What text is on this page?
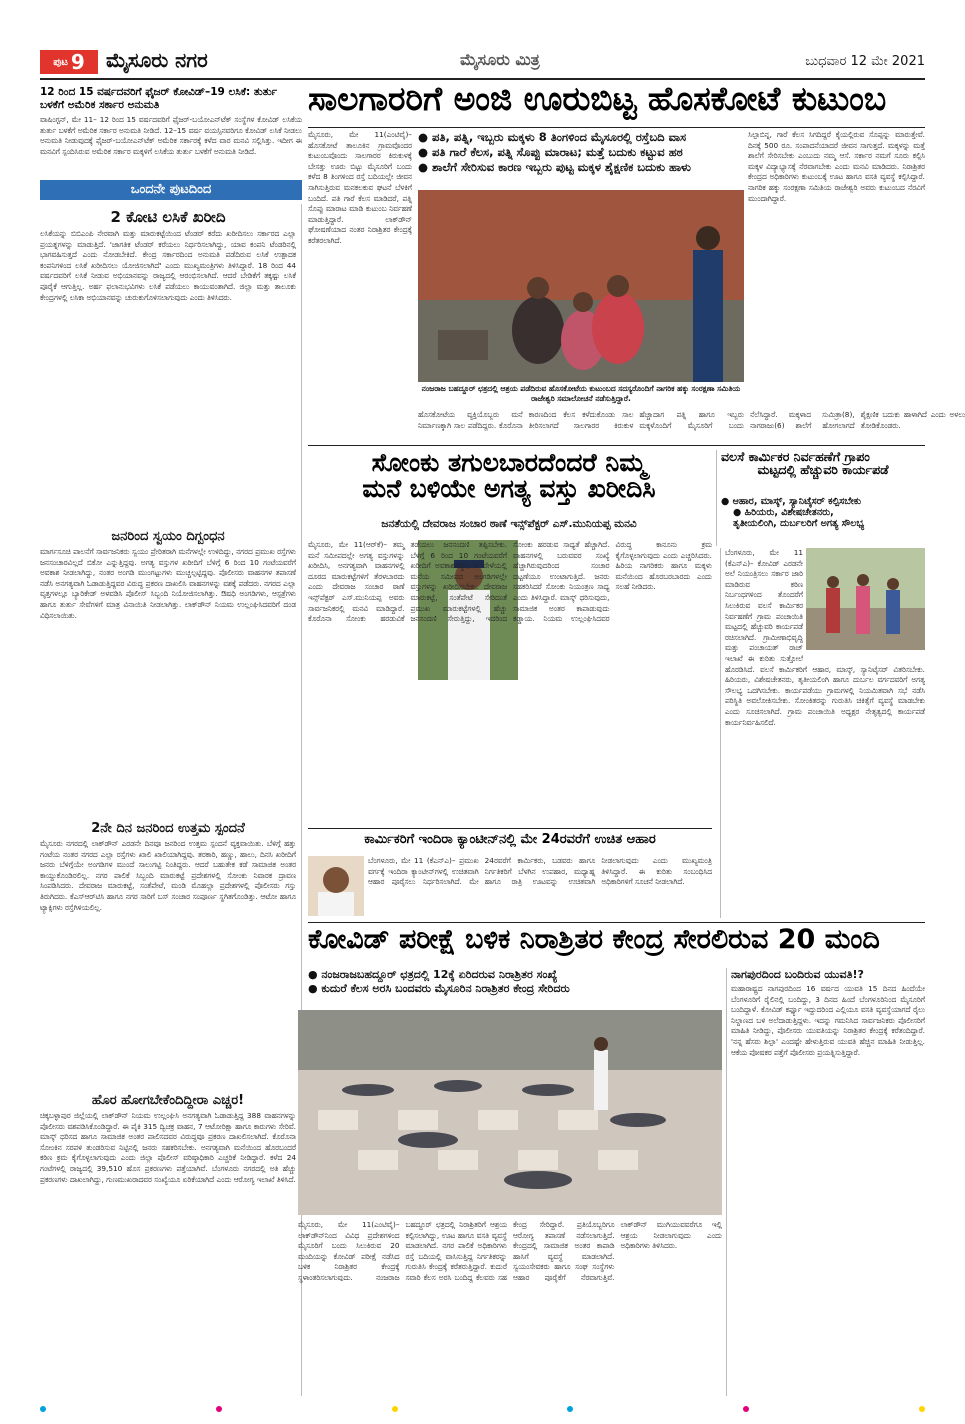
ಪುಟ 9 ಮೈಸೂರು ನಗರ	ಮೈಸೂರು ಮಿತ್ರ	ಬುಧವಾರ 12 ಮೇ 2021
12 ರಿಂದ 15 ವರ್ಷದವರಿಗೆ ಫೈಜರ್ ಕೋವಿಡ್–19 ಲಸಿಕೆ: ತುರ್ತು ಬಳಕೆಗೆ ಅಮೆರಿಕ ಸರ್ಕಾರ ಅನುಮತಿ
ವಾಷಿಂಗ್ಟನ್, ಮೇ 11– 12 ರಿಂದ 15 ವರ್ಷದವರಿಗೆ ಫೈಜರ್-ಬಯೋಎನ್‌ಟೆಕ್ ಸಂಸ್ಥೆಗಳ ಕೋವಿಡ್ ಲಸಿಕೆಯ ತುರ್ತು ಬಳಕೆಗೆ ಅಮೆರಿಕ ಸರ್ಕಾರ ಅನುಮತಿ ನೀಡಿದೆ. 12–15 ವರ್ಷ ವಯಸ್ಸಿನವರಿಗೂ ಕೋವಿಡ್ ಲಸಿಕೆ ನೀಡಲು ಅನುಮತಿ ನೀಡುವುದಕ್ಕೆ ಫೈಜರ್-ಬಯೋಎನ್‌ಟೆಕ್ ಅಮೆರಿಕ ಸರ್ಕಾರಕ್ಕೆ ಕಳೆದ ವಾರ ಮನವಿ ಸಲ್ಲಿಸಿತ್ತು. ಇದೀಗ ಈ ಮನವಿಗೆ ಸ್ಪಂದಿಸಿರುವ ಅಮೆರಿಕ ಸರ್ಕಾರ ಮಕ್ಕಳಿಗೆ ಲಸಿಕೆಯ ತುರ್ತು ಬಳಕೆಗೆ ಅನುಮತಿ ನೀಡಿದೆ.
ಒಂದನೇ ಪುಟದಿಂದ
2 ಕೋಟಿ ಲಸಿಕೆ ಖರೀದಿ
ಲಸಿಕೆಯನ್ನು ಬಿಬಿಎಂಪಿ ನೇರವಾಗಿ ಮತ್ತು ಮಾರುಕಟ್ಟೆಯಿಂದ ಟೆಂಡರ್ ಕರೆದು ಖರೀದಿಸಲು ಸರ್ಕಾರದ ಎಲ್ಲಾ ಪ್ರಯತ್ನಗಳನ್ನು ಮಾಡುತ್ತಿದೆ. 'ಜಾಗತಿಕ ಟೆಂಡರ್ ಕರೆಯಲು ನಿರ್ಧರಿಸಲಾಗಿದ್ದು, ಯಾವ ಕಂಪನಿ ಟೆಂಡರಿನಲ್ಲಿ ಭಾಗವಹಿಸುತ್ತದೆ ಎಂದು ನೋಡಬೇಕಿದೆ. ಕೇಂದ್ರ ಸರ್ಕಾರದಿಂದ ಅನುಮತಿ ಪಡೆದಿರುವ ಲಸಿಕೆ ಉತ್ಪಾದಕ ಕಂಪನಿಗಳಿಂದ ಲಸಿಕೆ ಖರೀದಿಸಲು ಯೋಜಿಸಲಾಗಿದೆ' ಎಂದು ಮುಖ್ಯಮಂತ್ರಿಗಳು ತಿಳಿಸಿದ್ದಾರೆ. 18 ರಿಂದ 44 ವರ್ಷದವರಿಗೆ ಲಸಿಕೆ ನೀಡುವ ಅಭಿಯಾನವನ್ನು ರಾಜ್ಯದಲ್ಲಿ ಆರಂಭಿಸಲಾಗಿದೆ. ಆದರೆ ಬೇಡಿಕೆಗೆ ತಕ್ಕಷ್ಟು ಲಸಿಕೆ ಪೂರೈಕೆ ಆಗುತ್ತಿಲ್ಲ. ಅರ್ಹ ಫಲಾನುಭವಿಗಳು ಲಸಿಕೆ ಪಡೆಯಲು ಕಾಯುವಂತಾಗಿದೆ. ಜಿಲ್ಲಾ ಮತ್ತು ತಾಲೂಕು ಕೇಂದ್ರಗಳಲ್ಲಿ ಲಸಿಕಾ ಅಭಿಯಾನವನ್ನು ಚುರುಕುಗೊಳಿಸಲಾಗುವುದು ಎಂದು ತಿಳಿಸಿದರು.
ಜನರಿಂದ ಸ್ವಯಂ ದಿಗ್ಬಂಧನ
ಮಾರ್ಗಸೂಚಿ ಪಾಲನೆಗೆ ಸಾರ್ವಜನಿಕರು ಸ್ವಯಂ ಪ್ರೇರಿತರಾಗಿ ಮನೆಗಳಲ್ಲೇ ಉಳಿದಿದ್ದು, ನಗರದ ಪ್ರಮುಖ ರಸ್ತೆಗಳು ಜನಸಂಚಾರವಿಲ್ಲದೆ ಬಿಕೋ ಎನ್ನುತ್ತಿದ್ದವು. ಅಗತ್ಯ ವಸ್ತುಗಳ ಖರೀದಿಗೆ ಬೆಳಿಗ್ಗೆ 6 ರಿಂದ 10 ಗಂಟೆಯವರೆಗೆ ಅವಕಾಶ ನೀಡಲಾಗಿದ್ದು, ನಂತರ ಅಂಗಡಿ ಮುಂಗಟ್ಟುಗಳು ಮುಚ್ಚಲ್ಪಟ್ಟಿದ್ದವು. ಪೊಲೀಸರು ವಾಹನಗಳ ತಪಾಸಣೆ ನಡೆಸಿ ಅನಗತ್ಯವಾಗಿ ಓಡಾಡುತ್ತಿದ್ದವರ ವಿರುದ್ಧ ಪ್ರಕರಣ ದಾಖಲಿಸಿ ವಾಹನಗಳನ್ನು ವಶಕ್ಕೆ ಪಡೆದರು. ನಗರದ ಎಲ್ಲಾ ವೃತ್ತಗಳಲ್ಲೂ ಬ್ಯಾರಿಕೇಡ್ ಅಳವಡಿಸಿ ಪೊಲೀಸ್ ಸಿಬ್ಬಂದಿ ನಿಯೋಜಿಸಲಾಗಿತ್ತು. ಔಷಧಿ ಅಂಗಡಿಗಳು, ಆಸ್ಪತ್ರೆಗಳು ಹಾಗೂ ತುರ್ತು ಸೇವೆಗಳಿಗೆ ಮಾತ್ರ ವಿನಾಯಿತಿ ನೀಡಲಾಗಿತ್ತು. ಲಾಕ್‌ಡೌನ್ ನಿಯಮ ಉಲ್ಲಂಘಿಸಿದವರಿಗೆ ದಂಡ ವಿಧಿಸಲಾಯಿತು.
2ನೇ ದಿನ ಜನರಿಂದ ಉತ್ತಮ ಸ್ಪಂದನೆ
ಮೈಸೂರು ನಗರದಲ್ಲಿ ಲಾಕ್‌ಡೌನ್ ಎರಡನೇ ದಿನವೂ ಜನರಿಂದ ಉತ್ತಮ ಸ್ಪಂದನೆ ವ್ಯಕ್ತವಾಯಿತು. ಬೆಳಿಗ್ಗೆ ಹತ್ತು ಗಂಟೆಯ ನಂತರ ನಗರದ ಎಲ್ಲಾ ರಸ್ತೆಗಳು ಖಾಲಿ ಖಾಲಿಯಾಗಿದ್ದವು. ತರಕಾರಿ, ಹಣ್ಣು, ಹಾಲು, ದಿನಸಿ ಖರೀದಿಗೆ ಜನರು ಬೆಳಿಗ್ಗೆಯೇ ಅಂಗಡಿಗಳ ಮುಂದೆ ಸಾಲುಗಟ್ಟಿ ನಿಂತಿದ್ದರು. ಆದರೆ ಬಹುತೇಕ ಕಡೆ ಸಾಮಾಜಿಕ ಅಂತರ ಕಾಯ್ದುಕೊಂಡಿರಲಿಲ್ಲ. ನಗರ ಪಾಲಿಕೆ ಸಿಬ್ಬಂದಿ ಮಾರುಕಟ್ಟೆ ಪ್ರದೇಶಗಳಲ್ಲಿ ಸೋಂಕು ನಿವಾರಕ ದ್ರಾವಣ ಸಿಂಪಡಿಸಿದರು. ದೇವರಾಜ ಮಾರುಕಟ್ಟೆ, ಸಂತೆಪೇಟೆ, ಮಂಡಿ ಮೊಹಲ್ಲಾ ಪ್ರದೇಶಗಳಲ್ಲಿ ಪೊಲೀಸರು ಗಸ್ತು ತಿರುಗಿದರು. ಕೆಎಸ್‌ಆರ್‌ಟಿಸಿ ಹಾಗೂ ನಗರ ಸಾರಿಗೆ ಬಸ್ ಸಂಚಾರ ಸಂಪೂರ್ಣ ಸ್ಥಗಿತಗೊಂಡಿತ್ತು. ಆಟೋ ಹಾಗೂ ಟ್ಯಾಕ್ಸಿಗಳು ರಸ್ತೆಗಿಳಿಯಲಿಲ್ಲ.
ಹೊರ ಹೋಗಬೇಕೆಂದಿದ್ದೀರಾ ಎಚ್ಚರ!
ಚಿಕ್ಕಬಳ್ಳಾಪುರ ಜಿಲ್ಲೆಯಲ್ಲಿ ಲಾಕ್‌ಡೌನ್ ನಿಯಮ ಉಲ್ಲಂಘಿಸಿ ಅನಗತ್ಯವಾಗಿ ಓಡಾಡುತ್ತಿದ್ದ 388 ವಾಹನಗಳನ್ನು ಪೊಲೀಸರು ವಶಪಡಿಸಿಕೊಂಡಿದ್ದಾರೆ. ಈ ಪೈಕಿ 315 ದ್ವಿಚಕ್ರ ವಾಹನ, 7 ಆಟೋರಿಕ್ಷಾ ಹಾಗೂ ಕಾರುಗಳು ಸೇರಿವೆ. ಮಾಸ್ಕ್ ಧರಿಸದ ಹಾಗೂ ಸಾಮಾಜಿಕ ಅಂತರ ಪಾಲಿಸದವರ ವಿರುದ್ಧವೂ ಪ್ರಕರಣ ದಾಖಲಿಸಲಾಗಿದೆ. ಕೊರೊನಾ ಸೋಂಕಿನ ಸರಪಳಿ ತುಂಡರಿಸುವ ನಿಟ್ಟಿನಲ್ಲಿ ಜನರು ಸಹಕರಿಸಬೇಕು. ಅನಗತ್ಯವಾಗಿ ಮನೆಯಿಂದ ಹೊರಬಂದರೆ ಕಠಿಣ ಕ್ರಮ ಕೈಗೊಳ್ಳಲಾಗುವುದು ಎಂದು ಜಿಲ್ಲಾ ಪೊಲೀಸ್ ವರಿಷ್ಠಾಧಿಕಾರಿ ಎಚ್ಚರಿಕೆ ನೀಡಿದ್ದಾರೆ. ಕಳೆದ 24 ಗಂಟೆಗಳಲ್ಲಿ ರಾಜ್ಯದಲ್ಲಿ 39,510 ಹೊಸ ಪ್ರಕರಣಗಳು ಪತ್ತೆಯಾಗಿವೆ. ಬೆಂಗಳೂರು ನಗರದಲ್ಲಿ ಅತಿ ಹೆಚ್ಚು ಪ್ರಕರಣಗಳು ದಾಖಲಾಗಿದ್ದು, ಗುಣಮುಖರಾದವರ ಸಂಖ್ಯೆಯೂ ಏರಿಕೆಯಾಗಿದೆ ಎಂದು ಆರೋಗ್ಯ ಇಲಾಖೆ ತಿಳಿಸಿದೆ.
ಸಾಲಗಾರರಿಗೆ ಅಂಜಿ ಊರುಬಿಟ್ಟ ಹೊಸಕೋಟೆ ಕುಟುಂಬ
ಮೈಸೂರು, ಮೇ 11(ಎಂಟಿವೈ)– ಹೊಸಕೋಟೆ ತಾಲೂಕಿನ ಗ್ರಾಮವೊಂದರ ಕುಟುಂಬವೊಂದು ಸಾಲಗಾರರ ಕಿರುಕುಳಕ್ಕೆ ಬೇಸತ್ತು ಊರು ಬಿಟ್ಟು ಮೈಸೂರಿಗೆ ಬಂದು ಕಳೆದ 8 ತಿಂಗಳಿಂದ ರಸ್ತೆ ಬದಿಯಲ್ಲೇ ಜೀವನ ಸಾಗಿಸುತ್ತಿರುವ ಮನಕಲಕುವ ಘಟನೆ ಬೆಳಕಿಗೆ ಬಂದಿದೆ. ಪತಿ ಗಾರೆ ಕೆಲಸ ಮಾಡಿದರೆ, ಪತ್ನಿ ಸೊಪ್ಪು ಮಾರಾಟ ಮಾಡಿ ಕುಟುಂಬ ನಿರ್ವಹಣೆ ಮಾಡುತ್ತಿದ್ದಾರೆ. ಲಾಕ್‌ಡೌನ್ ಘೋಷಣೆಯಾದ ನಂತರ ನಿರಾಶ್ರಿತರ ಕೇಂದ್ರಕ್ಕೆ ಕರೆತರಲಾಗಿದೆ.
● ಪತಿ, ಪತ್ನಿ, ಇಬ್ಬರು ಮಕ್ಕಳು 8 ತಿಂಗಳಿಂದ ಮೈಸೂರಲ್ಲಿ ರಸ್ತೆಬದಿ ವಾಸ
● ಪತಿ ಗಾರೆ ಕೆಲಸ, ಪತ್ನಿ ಸೊಪ್ಪು ಮಾರಾಟ; ಮತ್ತೆ ಬದುಕು ಕಟ್ಟುವ ಹಠ
● ಶಾಲೆಗೆ ಸೇರಿಸುವ ಕಾರಣ ಇಬ್ಬರು ಪುಟ್ಟ ಮಕ್ಕಳ ಶೈಕ್ಷಣಿಕ ಬದುಕು ಹಾಳು
ಸಿಲ್ಪಾಬಿನ್ನ, ಗಾರೆ ಕೆಲಸ ಸಿಗದಿದ್ದರೆ ಕೈಯಲ್ಲಿರುವ ಸೊಪ್ಪನ್ನು ಮಾರುತ್ತೇವೆ. ದಿನಕ್ಕೆ 500 ರೂ. ಸಂಪಾದನೆಯಾದರೆ ಜೀವನ ಸಾಗುತ್ತದೆ. ಮಕ್ಕಳನ್ನು ಮತ್ತೆ ಶಾಲೆಗೆ ಸೇರಿಸಬೇಕು ಎಂಬುದು ನಮ್ಮ ಆಸೆ. ಸರ್ಕಾರ ನಮಗೆ ಸೂರು ಕಲ್ಪಿಸಿ ಮಕ್ಕಳ ವಿದ್ಯಾಭ್ಯಾಸಕ್ಕೆ ನೆರವಾಗಬೇಕು ಎಂದು ಮನವಿ ಮಾಡಿದರು. ನಿರಾಶ್ರಿತರ ಕೇಂದ್ರದ ಅಧಿಕಾರಿಗಳು ಕುಟುಂಬಕ್ಕೆ ಊಟ ಹಾಗೂ ವಸತಿ ವ್ಯವಸ್ಥೆ ಕಲ್ಪಿಸಿದ್ದಾರೆ. ನಾಗರಿಕ ಹಕ್ಕು ಸಂರಕ್ಷಣಾ ಸಮಿತಿಯ ರಾಜೇಶ್ವರಿ ಅವರು ಕುಟುಂಬದ ನೆರವಿಗೆ ಮುಂದಾಗಿದ್ದಾರೆ.
ನಂಜರಾಜ ಬಹದ್ದೂರ್ ಛತ್ರದಲ್ಲಿ ಆಶ್ರಯ ಪಡೆದಿರುವ ಹೊಸಕೋಟೆಯ ಕುಟುಂಬದ ಸದಸ್ಯರೊಂದಿಗೆ ನಾಗರಿಕ ಹಕ್ಕು ಸಂರಕ್ಷಣಾ ಸಮಿತಿಯ ರಾಜೇಶ್ವರಿ ಸಮಾಲೋಚನೆ ನಡೆಸುತ್ತಿದ್ದಾರೆ.
ಹೊಸಕೋಟೆಯ ವ್ಯಕ್ತಿಯೊಬ್ಬರು ಮನೆ ನಿರ್ಮಾಣಕ್ಕಾಗಿ ಸಾಲ ಪಡೆದಿದ್ದರು. ಕೊರೊನಾ ಕಾರಣದಿಂದ ಕೆಲಸ ಕಳೆದುಕೊಂಡು ಸಾಲ ತೀರಿಸಲಾಗದೆ ಸಾಲಗಾರರ ಕಿರುಕುಳ ಹೆಚ್ಚಾದಾಗ ಪತ್ನಿ ಹಾಗೂ ಇಬ್ಬರು ಮಕ್ಕಳೊಂದಿಗೆ ಮೈಸೂರಿಗೆ ಬಂದು ನೆಲೆಸಿದ್ದಾರೆ. ಮಕ್ಕಳಾದ ಸುಮಿತ್ರಾ(8), ನಾಗರಾಜು(6) ಶಾಲೆಗೆ ಹೋಗಲಾಗದೆ ಶೈಕ್ಷಣಿಕ ಬದುಕು ಹಾಳಾಗಿದೆ ಎಂದು ಅಳಲು ತೋಡಿಕೊಂಡರು.
ಸೋಂಕು ತಗುಲಬಾರದೆಂದರೆ ನಿಮ್ಮ
ಮನೆ ಬಳಿಯೇ ಅಗತ್ಯ ವಸ್ತು ಖರೀದಿಸಿ
ಜನತೆಯಲ್ಲಿ ದೇವರಾಜ ಸಂಚಾರ ಠಾಣೆ ಇನ್ಸ್‌ಪೆಕ್ಟರ್ ಎಸ್.ಮುನಿಯಪ್ಪ ಮನವಿ
ಮೈಸೂರು, ಮೇ 11(ಆರ್‌ಕೆ)– ತಮ್ಮ ಮನೆ ಸಮೀಪದಲ್ಲೇ ಅಗತ್ಯ ವಸ್ತುಗಳನ್ನು ಖರೀದಿಸಿ, ಅನಗತ್ಯವಾಗಿ ವಾಹನಗಳಲ್ಲಿ ದೂರದ ಮಾರುಕಟ್ಟೆಗಳಿಗೆ ತೆರಳಬಾರದು ಎಂದು ದೇವರಾಜ ಸಂಚಾರ ಠಾಣೆ ಇನ್ಸ್‌ಪೆಕ್ಟರ್ ಎಸ್.ಮುನಿಯಪ್ಪ ಅವರು ಸಾರ್ವಜನಿಕರಲ್ಲಿ ಮನವಿ ಮಾಡಿದ್ದಾರೆ. ಕೊರೊನಾ ಸೋಂಕು ಹರಡುವಿಕೆ ತಡೆಯಲು ಜನಸಂದಣಿ ತಪ್ಪಿಸಬೇಕು. ಬೆಳಿಗ್ಗೆ 6 ರಿಂದ 10 ಗಂಟೆಯವರೆಗೆ ಖರೀದಿಗೆ ಅವಕಾಶವಿದ್ದು, ಆ ವೇಳೆಯಲ್ಲಿ ಮನೆಯ ಸಮೀಪದ ಅಂಗಡಿಗಳಲ್ಲೇ ವಸ್ತುಗಳನ್ನು ಖರೀದಿಸಬೇಕು. ದೇವರಾಜ ಮಾರುಕಟ್ಟೆ, ಸಂತೆಪೇಟೆ ಸೇರಿದಂತೆ ಪ್ರಮುಖ ಮಾರುಕಟ್ಟೆಗಳಲ್ಲಿ ಹೆಚ್ಚು ಜನಸಂದಣಿ ಸೇರುತ್ತಿದ್ದು, ಇದರಿಂದ ಸೋಂಕು ಹರಡುವ ಸಾಧ್ಯತೆ ಹೆಚ್ಚಾಗಿದೆ. ವಾಹನಗಳಲ್ಲಿ ಬರುವವರ ಸಂಖ್ಯೆ ಹೆಚ್ಚಾಗಿರುವುದರಿಂದ ಸಂಚಾರ ದಟ್ಟಣೆಯೂ ಉಂಟಾಗುತ್ತಿದೆ. ಜನರು ಸಹಕರಿಸಿದರೆ ಸೋಂಕು ನಿಯಂತ್ರಣ ಸಾಧ್ಯ ಎಂದು ತಿಳಿಸಿದ್ದಾರೆ. ಮಾಸ್ಕ್ ಧರಿಸುವುದು, ಸಾಮಾಜಿಕ ಅಂತರ ಕಾಪಾಡುವುದು ಕಡ್ಡಾಯ. ನಿಯಮ ಉಲ್ಲಂಘಿಸಿದವರ ವಿರುದ್ಧ ಕಾನೂನು ಕ್ರಮ ಕೈಗೊಳ್ಳಲಾಗುವುದು ಎಂದು ಎಚ್ಚರಿಸಿದರು. ಹಿರಿಯ ನಾಗರಿಕರು ಹಾಗೂ ಮಕ್ಕಳು ಮನೆಯಿಂದ ಹೊರಬರಬಾರದು ಎಂದು ಸಲಹೆ ನೀಡಿದರು.
ಕಾರ್ಮಿಕರಿಗೆ ಇಂದಿರಾ ಕ್ಯಾಂಟೀನ್‌ನಲ್ಲಿ ಮೇ 24ರವರೆಗೆ ಉಚಿತ ಆಹಾರ
ಬೆಂಗಳೂರು, ಮೇ 11 (ಕೆಎನ್‌ಎ)– ಪ್ರಮುಖ ವರ್ಗಕ್ಕೆ ಇಂದಿರಾ ಕ್ಯಾಂಟೀನ್‌ಗಳಲ್ಲಿ ಉಚಿತವಾಗಿ ಆಹಾರ ಪೂರೈಸಲು ನಿರ್ಧರಿಸಲಾಗಿದೆ. ಮೇ 24ರವರೆಗೆ ಕಾರ್ಮಿಕರು, ಬಡವರು ಹಾಗೂ ನಿರ್ಗತಿಕರಿಗೆ ಬೆಳಗಿನ ಉಪಹಾರ, ಮಧ್ಯಾಹ್ನ ಹಾಗೂ ರಾತ್ರಿ ಊಟವನ್ನು ಉಚಿತವಾಗಿ ನೀಡಲಾಗುವುದು ಎಂದು ಮುಖ್ಯಮಂತ್ರಿ ತಿಳಿಸಿದ್ದಾರೆ. ಈ ಕುರಿತು ಸಂಬಂಧಿಸಿದ ಅಧಿಕಾರಿಗಳಿಗೆ ಸೂಚನೆ ನೀಡಲಾಗಿದೆ.
ವಲಸೆ ಕಾರ್ಮಿಕರ ನಿರ್ವಹಣೆಗೆ ಗ್ರಾಪಂ
ಮಟ್ಟದಲ್ಲಿ ಹೆಚ್ಚುವರಿ ಕಾರ್ಯಪಡೆ
● ಆಹಾರ, ಮಾಸ್ಕ್, ಸ್ಯಾನಿಟೈಸರ್ ಕಲ್ಪಿಸಬೇಕು
● ಹಿರಿಯರು, ವಿಶೇಷಚೇತನರು,
ತೃತೀಯಲಿಂಗಿ, ದುರ್ಬಲರಿಗೆ ಅಗತ್ಯ ಸೌಲಭ್ಯ
ಬೆಂಗಳೂರು, ಮೇ 11 (ಕೆಎನ್‌ಎ)– ಕೋವಿಡ್ ಎರಡನೇ ಅಲೆ ನಿಯಂತ್ರಿಸಲು ಸರ್ಕಾರ ಜಾರಿ ಮಾಡಿರುವ ಕಠಿಣ ನಿರ್ಬಂಧಗಳಿಂದ ತೊಂದರೆಗೆ ಸಿಲುಕಿರುವ ವಲಸೆ ಕಾರ್ಮಿಕರ ನಿರ್ವಹಣೆಗೆ ಗ್ರಾಮ ಪಂಚಾಯಿತಿ ಮಟ್ಟದಲ್ಲಿ ಹೆಚ್ಚುವರಿ ಕಾರ್ಯಪಡೆ ರಚಿಸಲಾಗಿದೆ. ಗ್ರಾಮೀಣಾಭಿವೃದ್ಧಿ ಮತ್ತು ಪಂಚಾಯತ್ ರಾಜ್ ಇಲಾಖೆ ಈ ಕುರಿತು ಸುತ್ತೋಲೆ ಹೊರಡಿಸಿದೆ. ವಲಸೆ ಕಾರ್ಮಿಕರಿಗೆ ಆಹಾರ, ಮಾಸ್ಕ್, ಸ್ಯಾನಿಟೈಸರ್ ವಿತರಿಸಬೇಕು. ಹಿರಿಯರು, ವಿಶೇಷಚೇತನರು, ತೃತೀಯಲಿಂಗಿ ಹಾಗೂ ದುರ್ಬಲ ವರ್ಗದವರಿಗೆ ಅಗತ್ಯ ಸೌಲಭ್ಯ ಒದಗಿಸಬೇಕು. ಕಾರ್ಯಪಡೆಯು ಗ್ರಾಮಗಳಲ್ಲಿ ನಿಯಮಿತವಾಗಿ ಸಭೆ ನಡೆಸಿ ಪರಿಸ್ಥಿತಿ ಅವಲೋಕಿಸಬೇಕು. ಸೋಂಕಿತರನ್ನು ಗುರುತಿಸಿ ಚಿಕಿತ್ಸೆಗೆ ವ್ಯವಸ್ಥೆ ಮಾಡಬೇಕು ಎಂದು ಸೂಚಿಸಲಾಗಿದೆ. ಗ್ರಾಮ ಪಂಚಾಯಿತಿ ಅಧ್ಯಕ್ಷರ ನೇತೃತ್ವದಲ್ಲಿ ಕಾರ್ಯಪಡೆ ಕಾರ್ಯನಿರ್ವಹಿಸಲಿದೆ.
ಕೋವಿಡ್ ಪರೀಕ್ಷೆ ಬಳಿಕ ನಿರಾಶ್ರಿತರ ಕೇಂದ್ರ ಸೇರಲಿರುವ 20 ಮಂದಿ
● ನಂಜರಾಜಬಹದ್ದೂರ್ ಛತ್ರದಲ್ಲಿ 12ಕ್ಕೆ ಏರಿದರುವ ನಿರಾಶ್ರಿತರ ಸಂಖ್ಯೆ
● ಕುದುರೆ ಕೆಲಸ ಅರಸಿ ಬಂದವರು ಮೈಸೂರಿನ ನಿರಾಶ್ರಿತರ ಕೇಂದ್ರ ಸೇರಿದರು
ಮೈಸೂರು, ಮೇ 11(ಎಂಟಿವೈ)– ಲಾಕ್‌ಡೌನ್‌ನಿಂದ ವಿವಿಧ ಪ್ರದೇಶಗಳಿಂದ ಮೈಸೂರಿಗೆ ಬಂದು ಸಿಲುಕಿರುವ 20 ಮಂದಿಯನ್ನು ಕೋವಿಡ್ ಪರೀಕ್ಷೆ ನಡೆಸಿದ ಬಳಿಕ ನಿರಾಶ್ರಿತರ ಕೇಂದ್ರಕ್ಕೆ ಸ್ಥಳಾಂತರಿಸಲಾಗುವುದು. ನಂಜರಾಜ ಬಹದ್ದೂರ್ ಛತ್ರದಲ್ಲಿ ನಿರಾಶ್ರಿತರಿಗೆ ಆಶ್ರಯ ಕಲ್ಪಿಸಲಾಗಿದ್ದು, ಊಟ ಹಾಗೂ ವಸತಿ ವ್ಯವಸ್ಥೆ ಮಾಡಲಾಗಿದೆ. ನಗರ ಪಾಲಿಕೆ ಅಧಿಕಾರಿಗಳು ರಸ್ತೆ ಬದಿಯಲ್ಲಿ ವಾಸಿಸುತ್ತಿದ್ದ ನಿರ್ಗತಿಕರನ್ನು ಗುರುತಿಸಿ ಕೇಂದ್ರಕ್ಕೆ ಕರೆತರುತ್ತಿದ್ದಾರೆ. ಕುದುರೆ ಸವಾರಿ ಕೆಲಸ ಅರಸಿ ಬಂದಿದ್ದ ಕೆಲವರು ಸಹ ಕೇಂದ್ರ ಸೇರಿದ್ದಾರೆ. ಪ್ರತಿಯೊಬ್ಬರಿಗೂ ಆರೋಗ್ಯ ತಪಾಸಣೆ ನಡೆಸಲಾಗುತ್ತಿದೆ. ಕೇಂದ್ರದಲ್ಲಿ ಸಾಮಾಜಿಕ ಅಂತರ ಕಾಪಾಡಿ ಹಾಸಿಗೆ ವ್ಯವಸ್ಥೆ ಮಾಡಲಾಗಿದೆ. ಸ್ವಯಂಸೇವಕರು ಹಾಗೂ ಸಂಘ ಸಂಸ್ಥೆಗಳು ಆಹಾರ ಪೂರೈಕೆಗೆ ನೆರವಾಗುತ್ತಿವೆ. ಲಾಕ್‌ಡೌನ್ ಮುಗಿಯುವವರೆಗೂ ಇಲ್ಲಿ ಆಶ್ರಯ ನೀಡಲಾಗುವುದು ಎಂದು ಅಧಿಕಾರಿಗಳು ತಿಳಿಸಿದರು.
ನಾಗಪುರದಿಂದ ಬಂದಿರುವ ಯುವತಿ!?
ಮಹಾರಾಷ್ಟ್ರದ ನಾಗಪುರದಿಂದ 16 ವರ್ಷದ ಯುವತಿ 15 ದಿನದ ಹಿಂದೆಯೇ ಬೆಂಗಳೂರಿಗೆ ರೈಲಿನಲ್ಲಿ ಬಂದಿದ್ದು, 3 ದಿನದ ಹಿಂದೆ ಬೆಂಗಳೂರಿನಿಂದ ಮೈಸೂರಿಗೆ ಬಂದಿದ್ದಾಳೆ. ಕೋವಿಡ್ ಕರ್ಫ್ಯೂ ಇದ್ದುದರಿಂದ ಎಲ್ಲಿಯೂ ವಸತಿ ವ್ಯವಸ್ಥೆಯಾಗದೆ ರೈಲು ನಿಲ್ದಾಣದ ಬಳಿ ಅಲೆದಾಡುತ್ತಿದ್ದಳು. ಇದನ್ನು ಗಮನಿಸಿದ ಸಾರ್ವಜನಿಕರು ಪೊಲೀಸರಿಗೆ ಮಾಹಿತಿ ನೀಡಿದ್ದು, ಪೊಲೀಸರು ಯುವತಿಯನ್ನು ನಿರಾಶ್ರಿತರ ಕೇಂದ್ರಕ್ಕೆ ಕರೆತಂದಿದ್ದಾರೆ. 'ನನ್ನ ಹೆಸರು ಶಿಲ್ಪಾ' ಎಂದಷ್ಟೇ ಹೇಳುತ್ತಿರುವ ಯುವತಿ ಹೆಚ್ಚಿನ ಮಾಹಿತಿ ನೀಡುತ್ತಿಲ್ಲ. ಆಕೆಯ ಪೋಷಕರ ಪತ್ತೆಗೆ ಪೊಲೀಸರು ಪ್ರಯತ್ನಿಸುತ್ತಿದ್ದಾರೆ.
